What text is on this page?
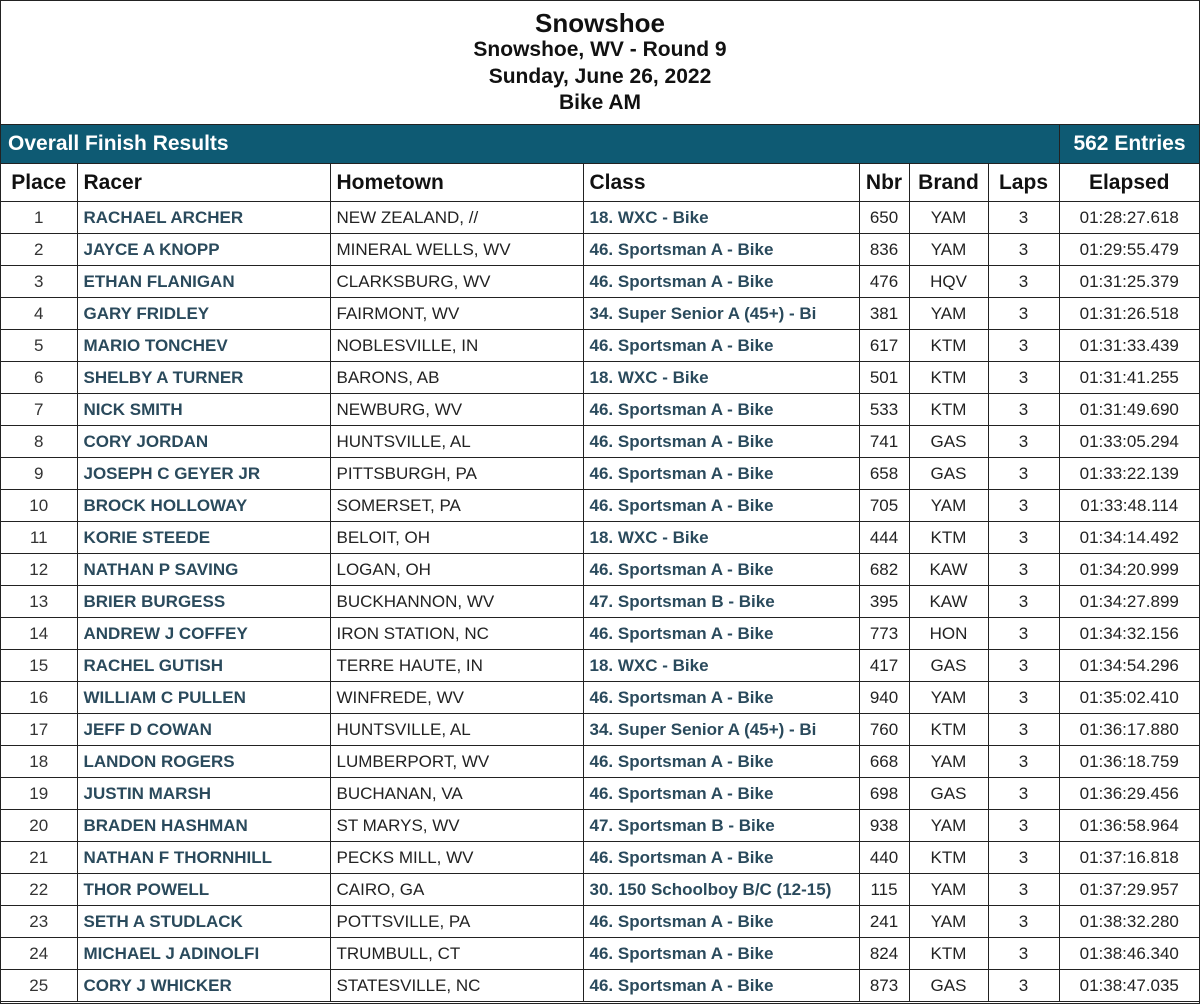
Snowshoe
Snowshoe, WV - Round 9
Sunday, June 26, 2022
Bike AM
Overall Finish Results	562 Entries
Place	Racer	Hometown	Class	Nbr	Brand	Laps	Elapsed
1	RACHAEL ARCHER	NEW ZEALAND, //	18. WXC - Bike	650	YAM	3	01:28:27.618
2	JAYCE A KNOPP	MINERAL WELLS, WV	46. Sportsman A - Bike	836	YAM	3	01:29:55.479
3	ETHAN FLANIGAN	CLARKSBURG, WV	46. Sportsman A - Bike	476	HQV	3	01:31:25.379
4	GARY FRIDLEY	FAIRMONT, WV	34. Super Senior A (45+) - Bi	381	YAM	3	01:31:26.518
5	MARIO TONCHEV	NOBLESVILLE, IN	46. Sportsman A - Bike	617	KTM	3	01:31:33.439
6	SHELBY A TURNER	BARONS, AB	18. WXC - Bike	501	KTM	3	01:31:41.255
7	NICK SMITH	NEWBURG, WV	46. Sportsman A - Bike	533	KTM	3	01:31:49.690
8	CORY JORDAN	HUNTSVILLE, AL	46. Sportsman A - Bike	741	GAS	3	01:33:05.294
9	JOSEPH C GEYER JR	PITTSBURGH, PA	46. Sportsman A - Bike	658	GAS	3	01:33:22.139
10	BROCK HOLLOWAY	SOMERSET, PA	46. Sportsman A - Bike	705	YAM	3	01:33:48.114
11	KORIE STEEDE	BELOIT, OH	18. WXC - Bike	444	KTM	3	01:34:14.492
12	NATHAN P SAVING	LOGAN, OH	46. Sportsman A - Bike	682	KAW	3	01:34:20.999
13	BRIER BURGESS	BUCKHANNON, WV	47. Sportsman B - Bike	395	KAW	3	01:34:27.899
14	ANDREW J COFFEY	IRON STATION, NC	46. Sportsman A - Bike	773	HON	3	01:34:32.156
15	RACHEL GUTISH	TERRE HAUTE, IN	18. WXC - Bike	417	GAS	3	01:34:54.296
16	WILLIAM C PULLEN	WINFREDE, WV	46. Sportsman A - Bike	940	YAM	3	01:35:02.410
17	JEFF D COWAN	HUNTSVILLE, AL	34. Super Senior A (45+) - Bi	760	KTM	3	01:36:17.880
18	LANDON ROGERS	LUMBERPORT, WV	46. Sportsman A - Bike	668	YAM	3	01:36:18.759
19	JUSTIN MARSH	BUCHANAN, VA	46. Sportsman A - Bike	698	GAS	3	01:36:29.456
20	BRADEN HASHMAN	ST MARYS, WV	47. Sportsman B - Bike	938	YAM	3	01:36:58.964
21	NATHAN F THORNHILL	PECKS MILL, WV	46. Sportsman A - Bike	440	KTM	3	01:37:16.818
22	THOR POWELL	CAIRO, GA	30. 150 Schoolboy B/C (12-15)	115	YAM	3	01:37:29.957
23	SETH A STUDLACK	POTTSVILLE, PA	46. Sportsman A - Bike	241	YAM	3	01:38:32.280
24	MICHAEL J ADINOLFI	TRUMBULL, CT	46. Sportsman A - Bike	824	KTM	3	01:38:46.340
25	CORY J WHICKER	STATESVILLE, NC	46. Sportsman A - Bike	873	GAS	3	01:38:47.035
